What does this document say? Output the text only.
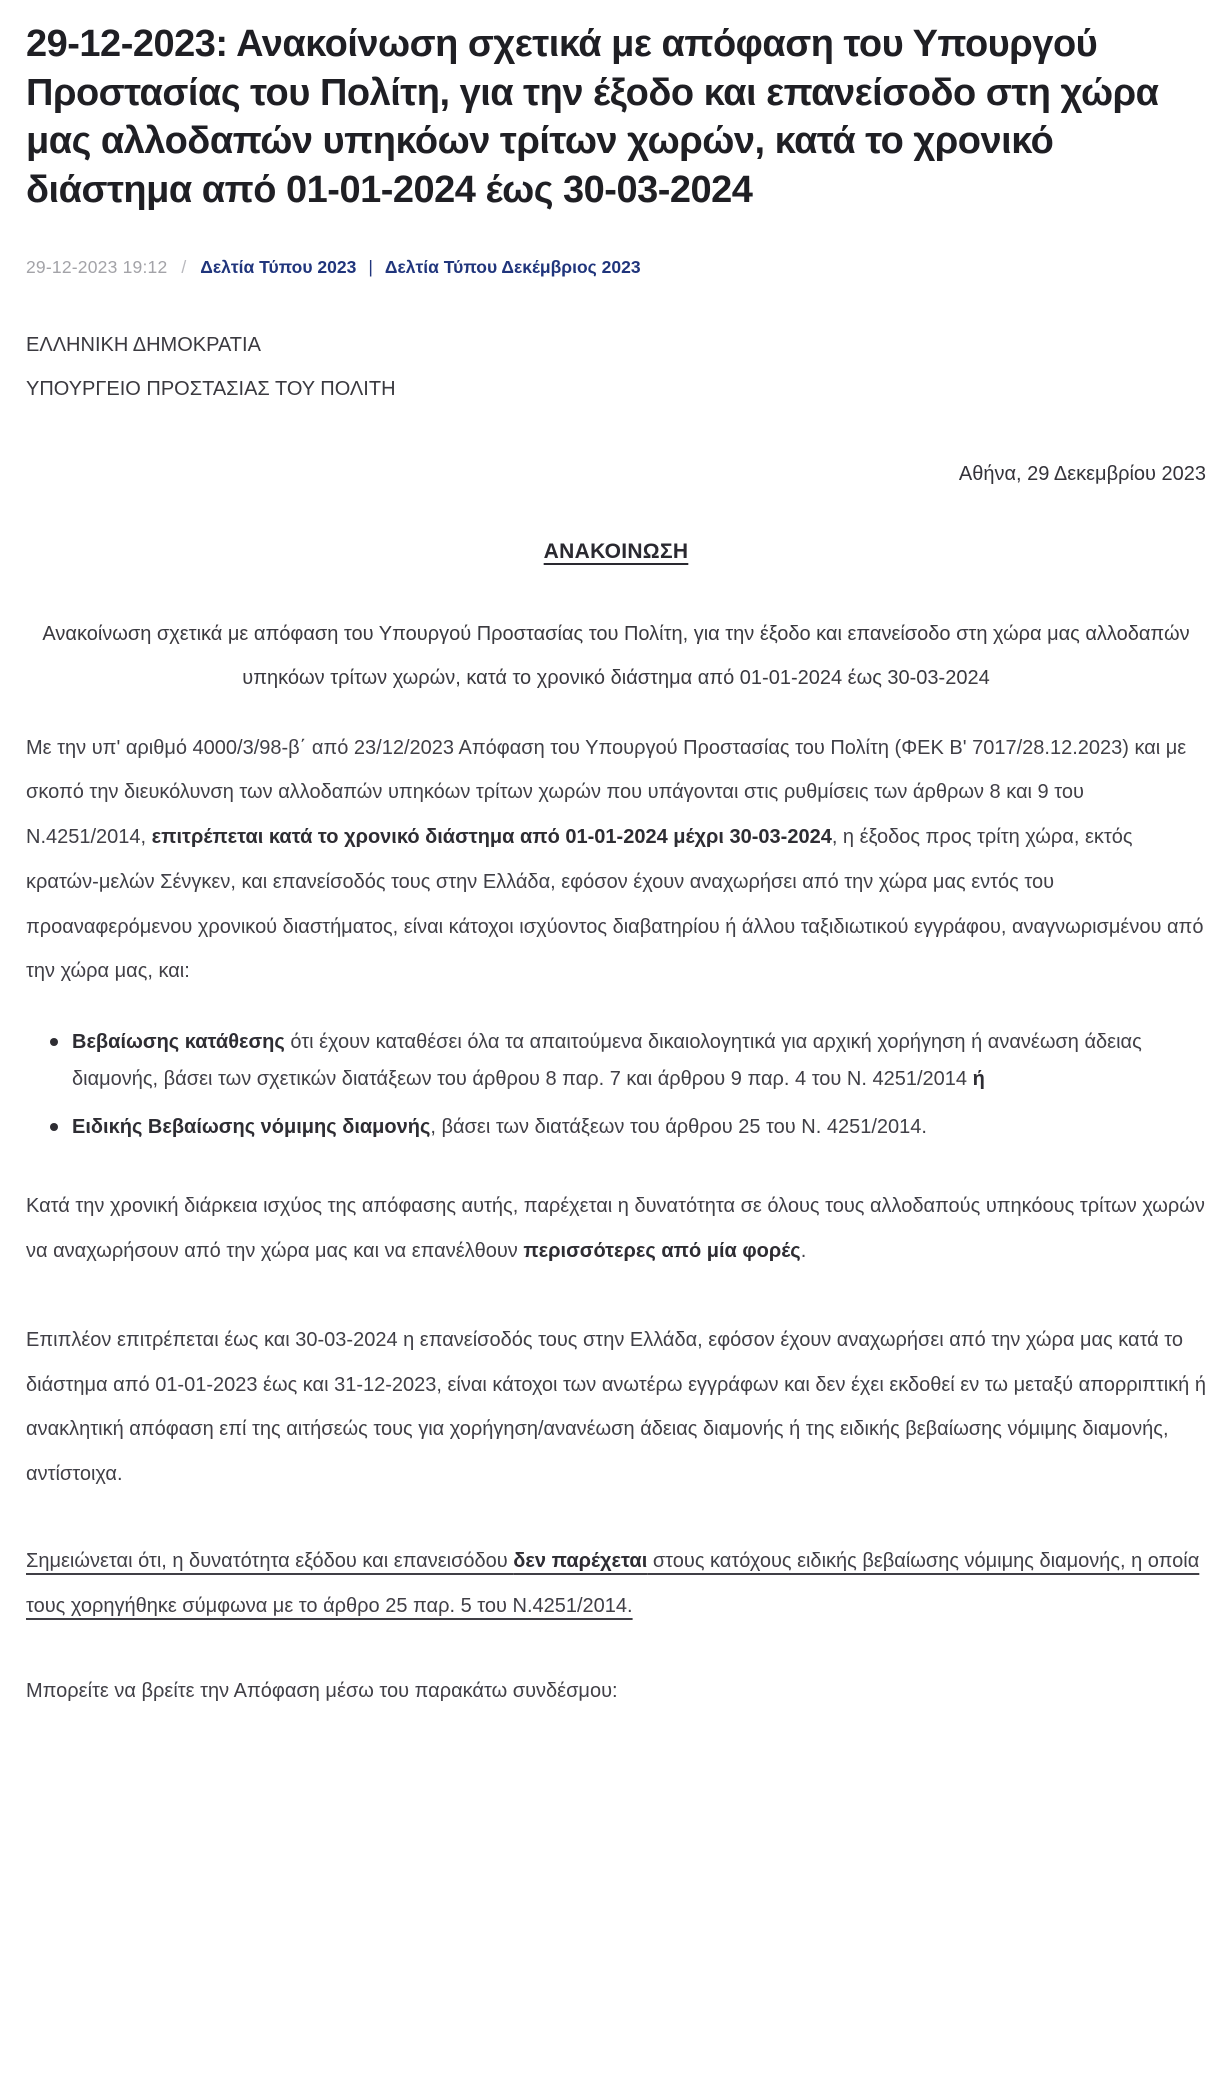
29-12-2023: Ανακοίνωση σχετικά με απόφαση του Υπουργού Προστασίας του Πολίτη, για την έξοδο και επανείσοδο στη χώρα μας αλλοδαπών υπηκόων τρίτων χωρών, κατά το χρονικό διάστημα από 01-01-2024 έως 30-03-2024
29-12-2023 19:12 / Δελτία Τύπου 2023 | Δελτία Τύπου Δεκέμβριος 2023

ΕΛΛΗΝΙΚΗ ΔΗΜΟΚΡΑΤΙΑ

ΥΠΟΥΡΓΕΙΟ ΠΡΟΣΤΑΣΙΑΣ ΤΟΥ ΠΟΛΙΤΗ

Αθήνα, 29 Δεκεμβρίου 2023

ΑΝΑΚΟΙΝΩΣΗ

Ανακοίνωση σχετικά με απόφαση του Υπουργού Προστασίας του Πολίτη, για την έξοδο και επανείσοδο στη χώρα μας αλλοδαπών υπηκόων τρίτων χωρών, κατά το χρονικό διάστημα από 01-01-2024 έως 30-03-2024

Με την υπ' αριθμό 4000/3/98-β΄ από 23/12/2023 Απόφαση του Υπουργού Προστασίας του Πολίτη (ΦΕΚ Β' 7017/28.12.2023) και με σκοπό την διευκόλυνση των αλλοδαπών υπηκόων τρίτων χωρών που υπάγονται στις ρυθμίσεις των άρθρων 8 και 9 του Ν.4251/2014, επιτρέπεται κατά το χρονικό διάστημα από 01-01-2024 μέχρι 30-03-2024, η έξοδος προς τρίτη χώρα, εκτός κρατών-μελών Σένγκεν, και επανείσοδός τους στην Ελλάδα, εφόσον έχουν αναχωρήσει από την χώρα μας εντός του προαναφερόμενου χρονικού διαστήματος, είναι κάτοχοι ισχύοντος διαβατηρίου ή άλλου ταξιδιωτικού εγγράφου, αναγνωρισμένου από την χώρα μας, και:

Βεβαίωσης κατάθεσης ότι έχουν καταθέσει όλα τα απαιτούμενα δικαιολογητικά για αρχική χορήγηση ή ανανέωση άδειας διαμονής, βάσει των σχετικών διατάξεων του άρθρου 8 παρ. 7 και άρθρου 9 παρ. 4 του Ν. 4251/2014 ή
Ειδικής Βεβαίωσης νόμιμης διαμονής, βάσει των διατάξεων του άρθρου 25 του Ν. 4251/2014.

Κατά την χρονική διάρκεια ισχύος της απόφασης αυτής, παρέχεται η δυνατότητα σε όλους τους αλλοδαπούς υπηκόους τρίτων χωρών να αναχωρήσουν από την χώρα μας και να επανέλθουν περισσότερες από μία φορές.

Επιπλέον επιτρέπεται έως και 30-03-2024 η επανείσοδός τους στην Ελλάδα, εφόσον έχουν αναχωρήσει από την χώρα μας κατά το διάστημα από 01-01-2023 έως και 31-12-2023, είναι κάτοχοι των ανωτέρω εγγράφων και δεν έχει εκδοθεί εν τω μεταξύ απορριπτική ή ανακλητική απόφαση επί της αιτήσεώς τους για χορήγηση/ανανέωση άδειας διαμονής ή της ειδικής βεβαίωσης νόμιμης διαμονής, αντίστοιχα.

Σημειώνεται ότι, η δυνατότητα εξόδου και επανεισόδου δεν παρέχεται στους κατόχους ειδικής βεβαίωσης νόμιμης διαμονής, η οποία τους χορηγήθηκε σύμφωνα με το άρθρο 25 παρ. 5 του Ν.4251/2014.

Μπορείτε να βρείτε την Απόφαση μέσω του παρακάτω συνδέσμου:
